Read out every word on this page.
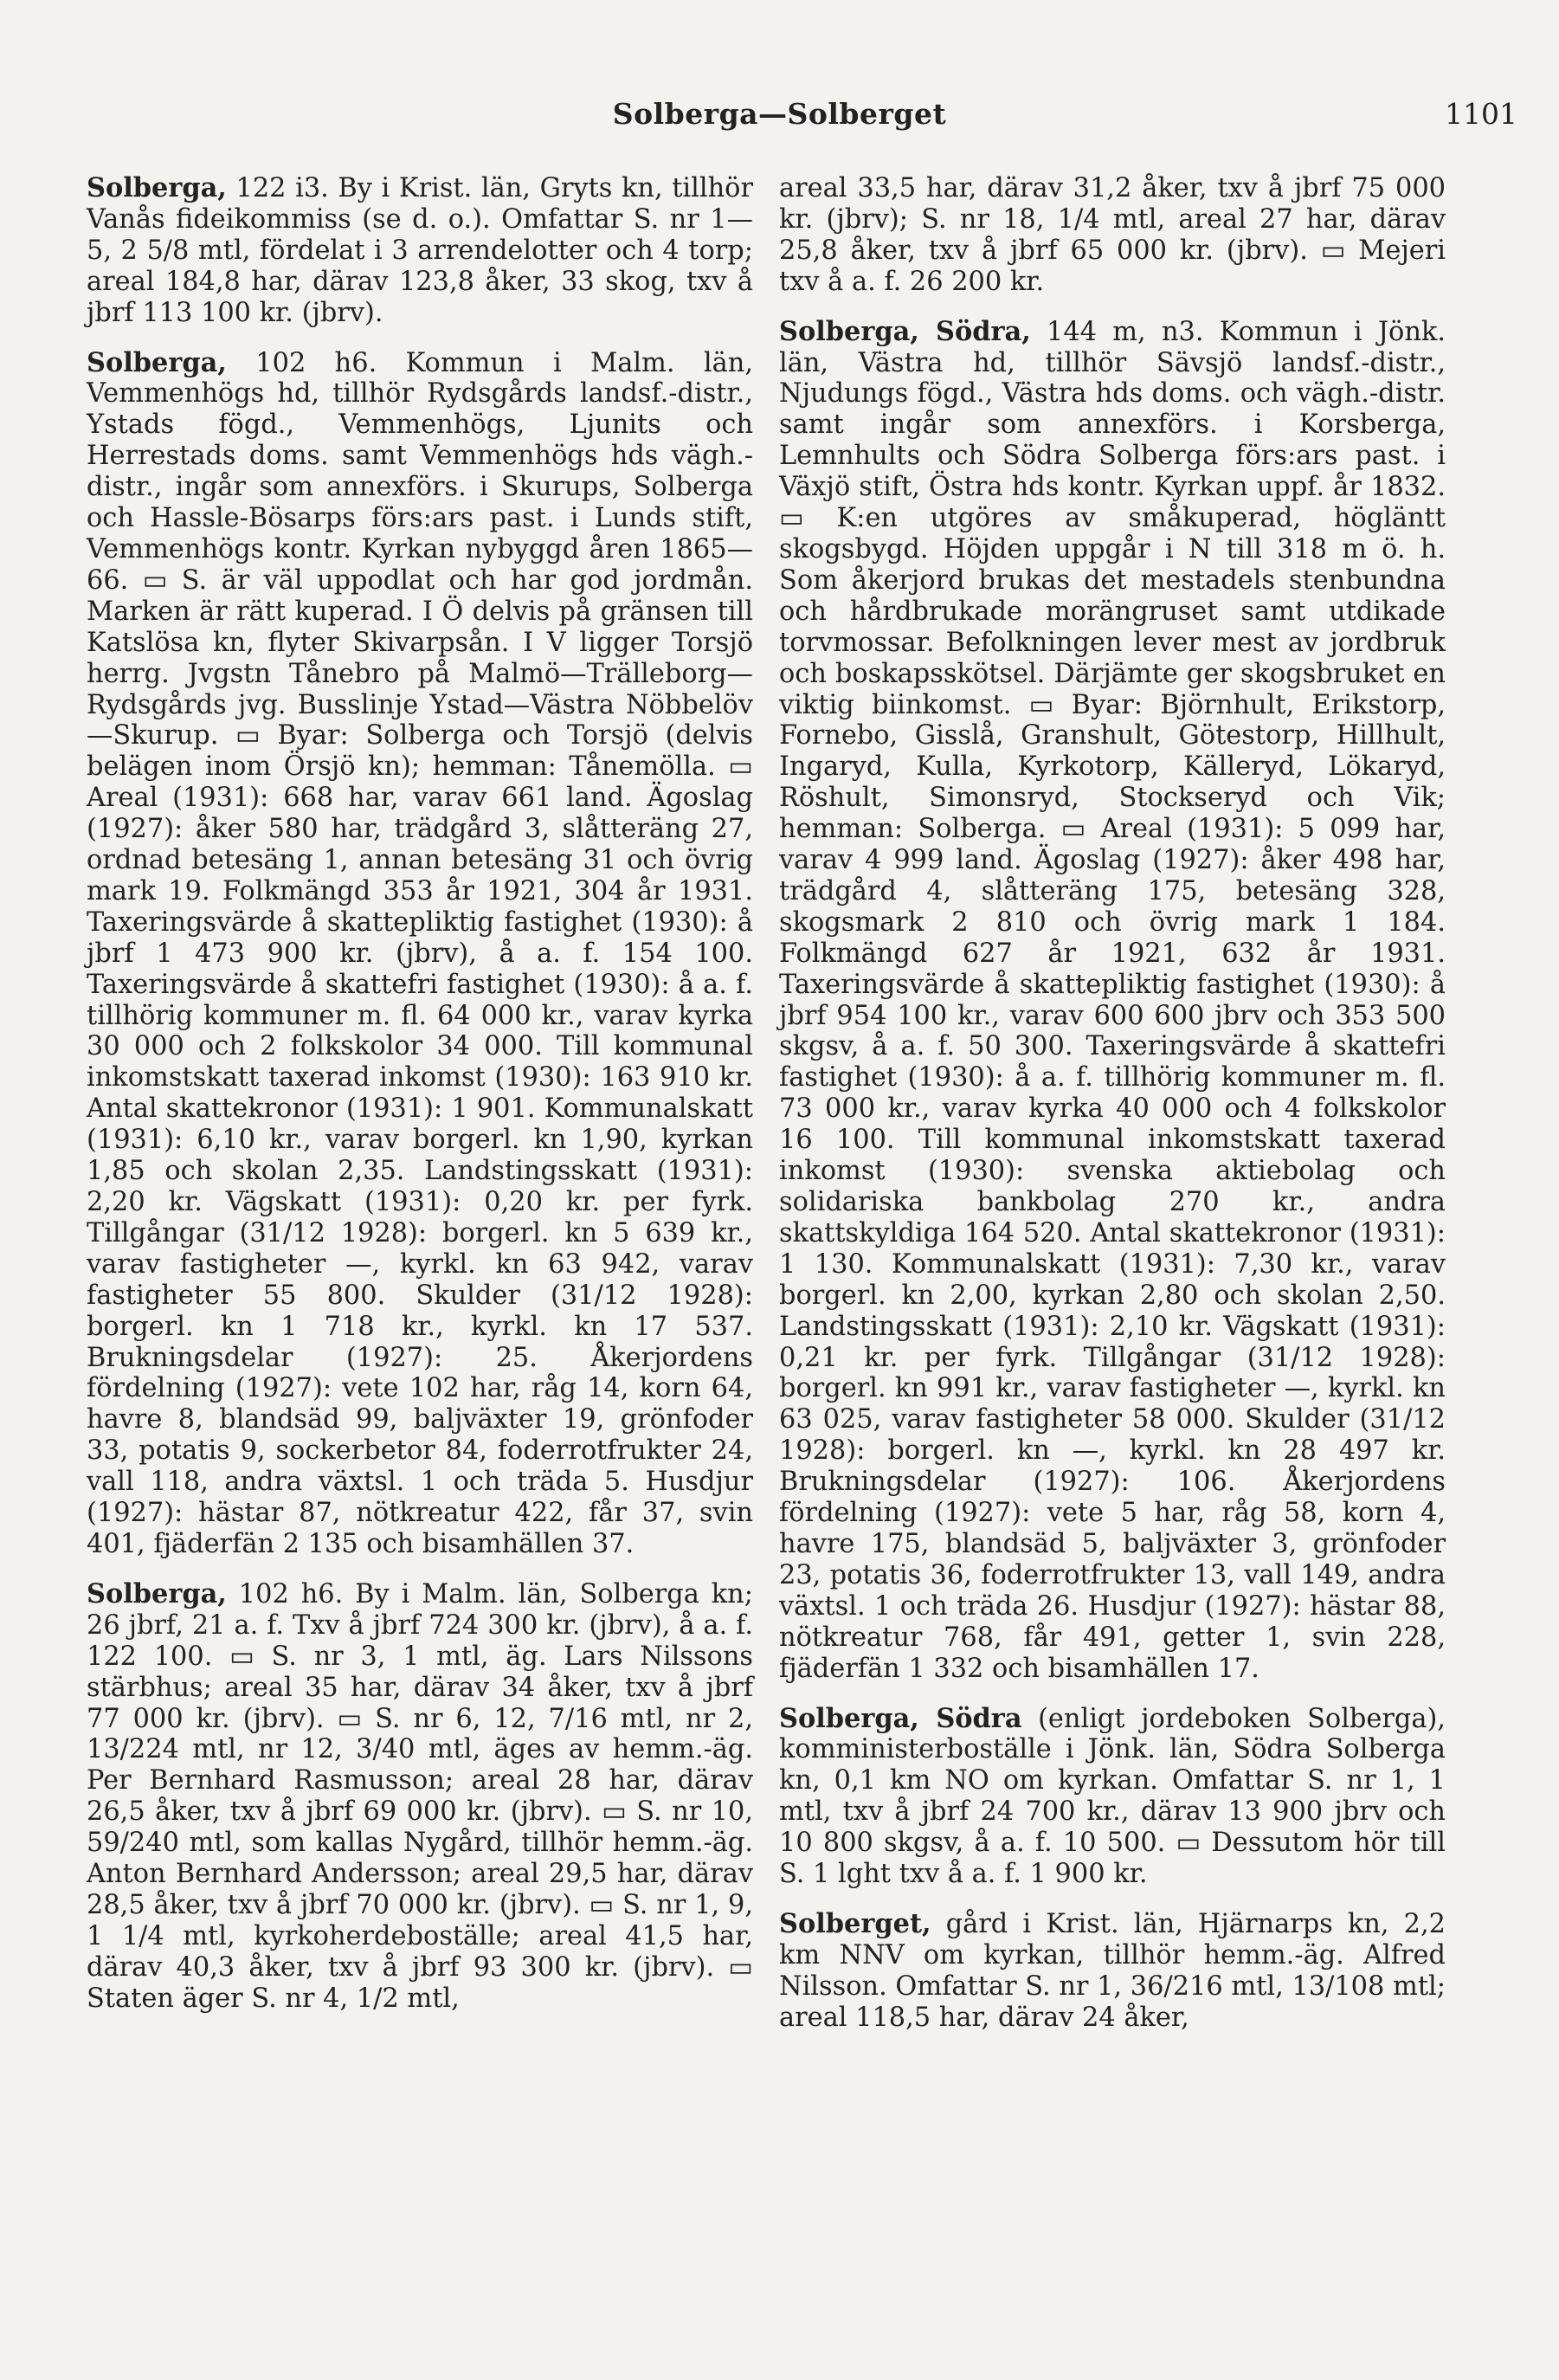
Solberga—Solberget	1101

Solberga, 122 i3. By i Krist. län, Gryts kn, tillhör Vanås fideikommiss (se d. o.). Omfattar S. nr 1—5, 2 5/8 mtl, fördelat i 3 arrendelotter och 4 torp; areal 184,8 har, därav 123,8 åker, 33 skog, txv å jbrf 113 100 kr. (jbrv).

Solberga, 102 h6. Kommun i Malm. län, Vemmenhögs hd, tillhör Rydsgårds landsf.-distr., Ystads fögd., Vemmenhögs, Ljunits och Herrestads doms. samt Vemmenhögs hds vägh.-distr., ingår som annexförs. i Skurups, Solberga och Hassle-Bösarps förs:ars past. i Lunds stift, Vemmenhögs kontr. Kyrkan nybyggd åren 1865—66. ▭ S. är väl uppodlat och har god jordmån. Marken är rätt kuperad. I Ö delvis på gränsen till Katslösa kn, flyter Skivarpsån. I V ligger Torsjö herrg. Jvgstn Tånebro på Malmö—Trälleborg—Rydsgårds jvg. Busslinje Ystad—Västra Nöbbelöv—Skurup. ▭ Byar: Solberga och Torsjö (delvis belägen inom Örsjö kn); hemman: Tånemölla. ▭ Areal (1931): 668 har, varav 661 land. Ägoslag (1927): åker 580 har, trädgård 3, slåtteräng 27, ordnad betesäng 1, annan betesäng 31 och övrig mark 19. Folkmängd 353 år 1921, 304 år 1931. Taxeringsvärde å skattepliktig fastighet (1930): å jbrf 1 473 900 kr. (jbrv), å a. f. 154 100. Taxeringsvärde å skattefri fastighet (1930): å a. f. tillhörig kommuner m. fl. 64 000 kr., varav kyrka 30 000 och 2 folkskolor 34 000. Till kommunal inkomstskatt taxerad inkomst (1930): 163 910 kr. Antal skattekronor (1931): 1 901. Kommunalskatt (1931): 6,10 kr., varav borgerl. kn 1,90, kyrkan 1,85 och skolan 2,35. Landstingsskatt (1931): 2,20 kr. Vägskatt (1931): 0,20 kr. per fyrk. Tillgångar (31/12 1928): borgerl. kn 5 639 kr., varav fastigheter —, kyrkl. kn 63 942, varav fastigheter 55 800. Skulder (31/12 1928): borgerl. kn 1 718 kr., kyrkl. kn 17 537. Brukningsdelar (1927): 25. Åkerjordens fördelning (1927): vete 102 har, råg 14, korn 64, havre 8, blandsäd 99, baljväxter 19, grönfoder 33, potatis 9, sockerbetor 84, foderrotfrukter 24, vall 118, andra växtsl. 1 och träda 5. Husdjur (1927): hästar 87, nötkreatur 422, får 37, svin 401, fjäderfän 2 135 och bisamhällen 37.

Solberga, 102 h6. By i Malm. län, Solberga kn; 26 jbrf, 21 a. f. Txv å jbrf 724 300 kr. (jbrv), å a. f. 122 100. ▭ S. nr 3, 1 mtl, äg. Lars Nilssons stärbhus; areal 35 har, därav 34 åker, txv å jbrf 77 000 kr. (jbrv). ▭ S. nr 6, 12, 7/16 mtl, nr 2, 13/224 mtl, nr 12, 3/40 mtl, äges av hemm.-äg. Per Bernhard Rasmusson; areal 28 har, därav 26,5 åker, txv å jbrf 69 000 kr. (jbrv). ▭ S. nr 10, 59/240 mtl, som kallas Nygård, tillhör hemm.-äg. Anton Bernhard Andersson; areal 29,5 har, därav 28,5 åker, txv å jbrf 70 000 kr. (jbrv). ▭ S. nr 1, 9, 1 1/4 mtl, kyrkoherdeboställe; areal 41,5 har, därav 40,3 åker, txv å jbrf 93 300 kr. (jbrv). ▭ Staten äger S. nr 4, 1/2 mtl,

areal 33,5 har, därav 31,2 åker, txv å jbrf 75 000 kr. (jbrv); S. nr 18, 1/4 mtl, areal 27 har, därav 25,8 åker, txv å jbrf 65 000 kr. (jbrv). ▭ Mejeri txv å a. f. 26 200 kr.

Solberga, Södra, 144 m, n3. Kommun i Jönk. län, Västra hd, tillhör Sävsjö landsf.-distr., Njudungs fögd., Västra hds doms. och vägh.-distr. samt ingår som annexförs. i Korsberga, Lemnhults och Södra Solberga förs:ars past. i Växjö stift, Östra hds kontr. Kyrkan uppf. år 1832. ▭ K:en utgöres av småkuperad, högläntt skogsbygd. Höjden uppgår i N till 318 m ö. h. Som åkerjord brukas det mestadels stenbundna och hårdbrukade morängruset samt utdikade torvmossar. Befolkningen lever mest av jordbruk och boskapsskötsel. Därjämte ger skogsbruket en viktig biinkomst. ▭ Byar: Björnhult, Erikstorp, Fornebo, Gisslå, Granshult, Götestorp, Hillhult, Ingaryd, Kulla, Kyrkotorp, Källeryd, Lökaryd, Röshult, Simonsryd, Stockseryd och Vik; hemman: Solberga. ▭ Areal (1931): 5 099 har, varav 4 999 land. Ägoslag (1927): åker 498 har, trädgård 4, slåtteräng 175, betesäng 328, skogsmark 2 810 och övrig mark 1 184. Folkmängd 627 år 1921, 632 år 1931. Taxeringsvärde å skattepliktig fastighet (1930): å jbrf 954 100 kr., varav 600 600 jbrv och 353 500 skgsv, å a. f. 50 300. Taxeringsvärde å skattefri fastighet (1930): å a. f. tillhörig kommuner m. fl. 73 000 kr., varav kyrka 40 000 och 4 folkskolor 16 100. Till kommunal inkomstskatt taxerad inkomst (1930): svenska aktiebolag och solidariska bankbolag 270 kr., andra skattskyldiga 164 520. Antal skattekronor (1931): 1 130. Kommunalskatt (1931): 7,30 kr., varav borgerl. kn 2,00, kyrkan 2,80 och skolan 2,50. Landstingsskatt (1931): 2,10 kr. Vägskatt (1931): 0,21 kr. per fyrk. Tillgångar (31/12 1928): borgerl. kn 991 kr., varav fastigheter —, kyrkl. kn 63 025, varav fastigheter 58 000. Skulder (31/12 1928): borgerl. kn —, kyrkl. kn 28 497 kr. Brukningsdelar (1927): 106. Åkerjordens fördelning (1927): vete 5 har, råg 58, korn 4, havre 175, blandsäd 5, baljväxter 3, grönfoder 23, potatis 36, foderrotfrukter 13, vall 149, andra växtsl. 1 och träda 26. Husdjur (1927): hästar 88, nötkreatur 768, får 491, getter 1, svin 228, fjäderfän 1 332 och bisamhällen 17.

Solberga, Södra (enligt jordeboken Solberga), komministerboställe i Jönk. län, Södra Solberga kn, 0,1 km NO om kyrkan. Omfattar S. nr 1, 1 mtl, txv å jbrf 24 700 kr., därav 13 900 jbrv och 10 800 skgsv, å a. f. 10 500. ▭ Dessutom hör till S. 1 lght txv å a. f. 1 900 kr.

Solberget, gård i Krist. län, Hjärnarps kn, 2,2 km NNV om kyrkan, tillhör hemm.-äg. Alfred Nilsson. Omfattar S. nr 1, 36/216 mtl, 13/108 mtl; areal 118,5 har, därav 24 åker,
